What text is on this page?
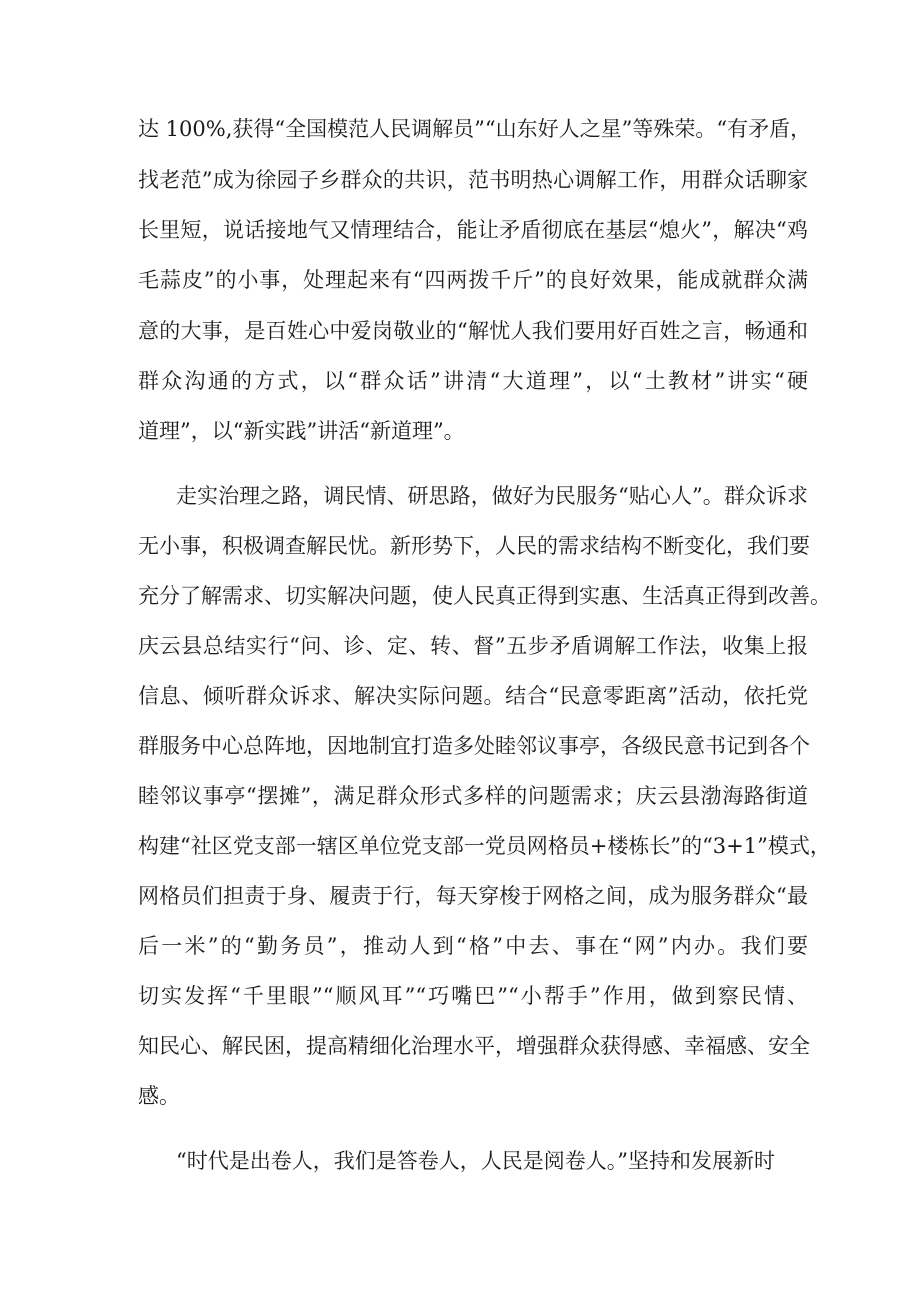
达 100%,获得“全国模范人民调解员”“山东好人之星”等殊荣。“有矛盾，
找老范”成为徐园子乡群众的共识，范书明热心调解工作，用群众话聊家
长里短，说话接地气又情理结合，能让矛盾彻底在基层“熄火”，解决“鸡
毛蒜皮”的小事，处理起来有“四两拨千斤”的良好效果，能成就群众满
意的大事，是百姓心中爱岗敬业的“解忧人我们要用好百姓之言，畅通和
群众沟通的方式，以“群众话”讲清“大道理”，以“土教材”讲实“硬
道理”，以“新实践”讲活“新道理”。
走实治理之路，调民情、研思路，做好为民服务“贴心人”。群众诉求
无小事，积极调查解民忧。新形势下，人民的需求结构不断变化，我们要
充分了解需求、切实解决问题，使人民真正得到实惠、生活真正得到改善。
庆云县总结实行“问、诊、定、转、督”五步矛盾调解工作法，收集上报
信息、倾听群众诉求、解决实际问题。结合“民意零距离”活动，依托党
群服务中心总阵地，因地制宜打造多处睦邻议事亭，各级民意书记到各个
睦邻议事亭“摆摊”，满足群众形式多样的问题需求；庆云县渤海路街道
构建“社区党支部一辖区单位党支部一党员网格员+楼栋长”的“3+1”模式，
网格员们担责于身、履责于行，每天穿梭于网格之间，成为服务群众“最
后一米”的“勤务员”，推动人到“格”中去、事在“网”内办。我们要
切实发挥“千里眼”“顺风耳”“巧嘴巴”“小帮手”作用，做到察民情、
知民心、解民困，提高精细化治理水平，增强群众获得感、幸福感、安全
感。
“时代是出卷人，我们是答卷人，人民是阅卷人。”坚持和发展新时
